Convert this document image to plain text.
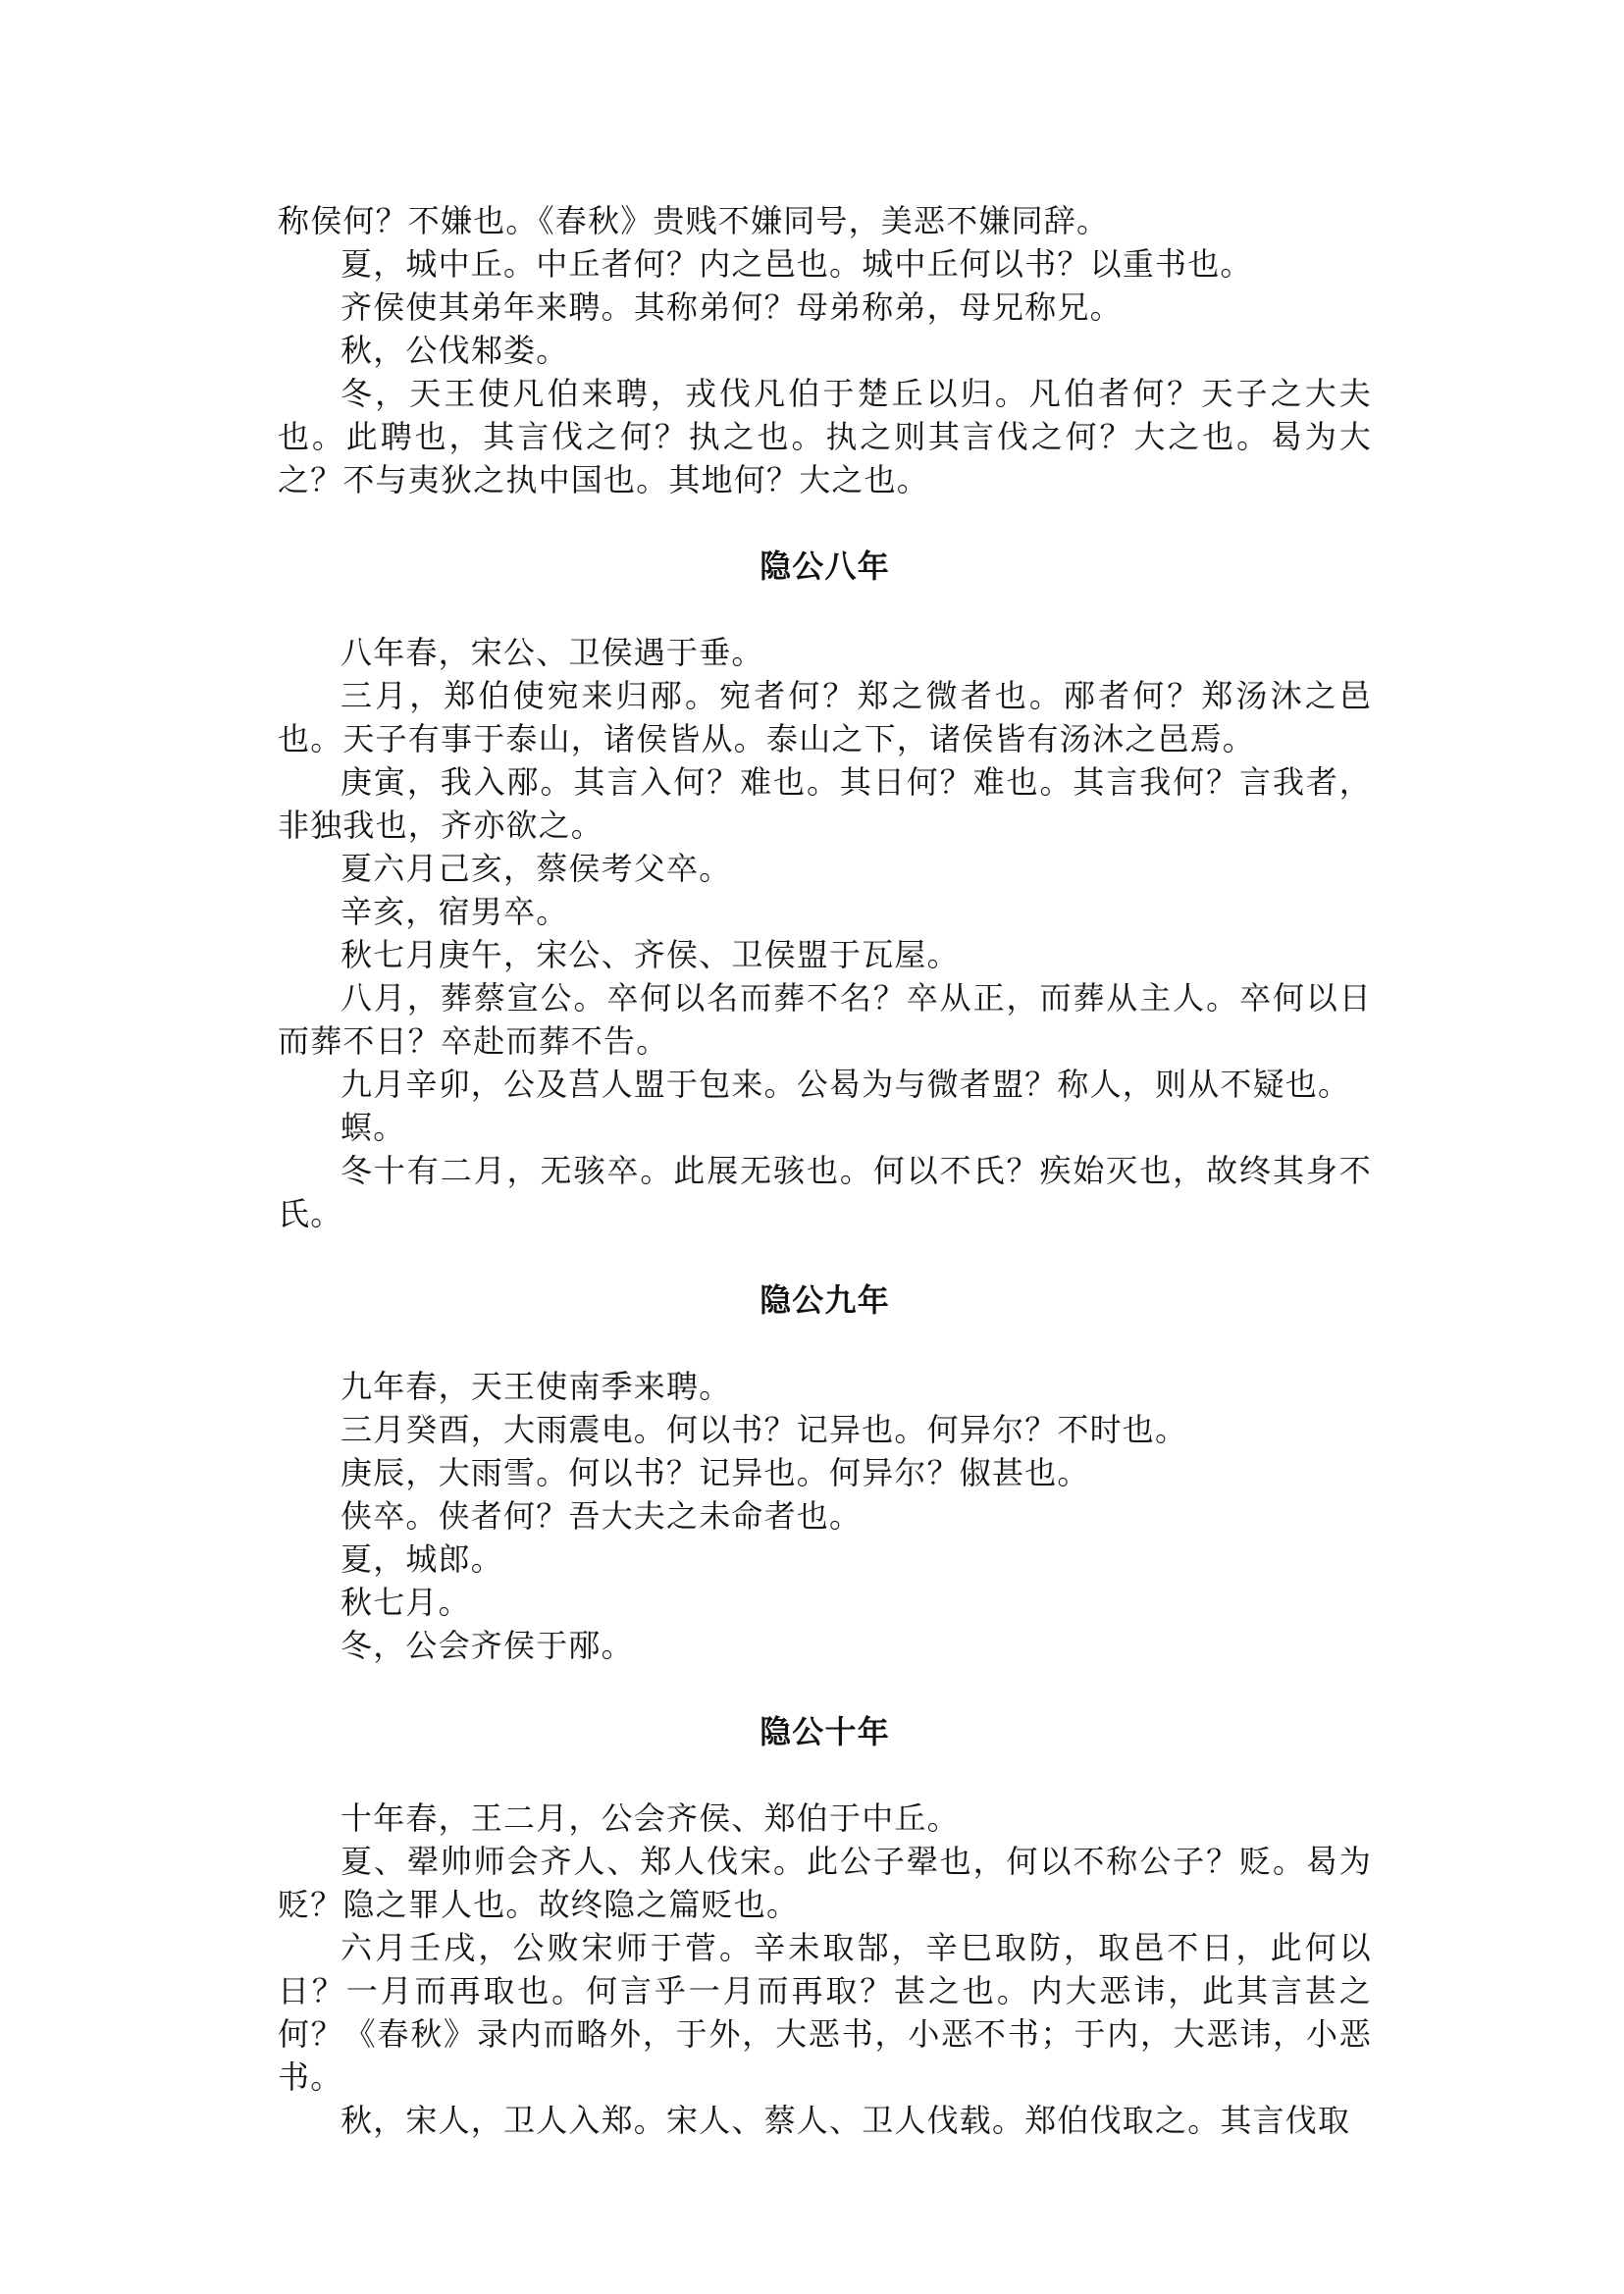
称侯何？不嫌也。《春秋》贵贱不嫌同号，美恶不嫌同辞。

夏，城中丘。中丘者何？内之邑也。城中丘何以书？以重书也。

齐侯使其弟年来聘。其称弟何？母弟称弟，母兄称兄。

秋，公伐邾娄。

冬，天王使凡伯来聘，戎伐凡伯于楚丘以归。凡伯者何？天子之大夫也。此聘也，其言伐之何？执之也。执之则其言伐之何？大之也。曷为大之？不与夷狄之执中国也。其地何？大之也。

隐公八年

八年春，宋公、卫侯遇于垂。

三月，郑伯使宛来归邴。宛者何？郑之微者也。邴者何？郑汤沐之邑也。天子有事于泰山，诸侯皆从。泰山之下，诸侯皆有汤沐之邑焉。

庚寅，我入邴。其言入何？难也。其日何？难也。其言我何？言我者，非独我也，齐亦欲之。

夏六月己亥，蔡侯考父卒。

辛亥，宿男卒。

秋七月庚午，宋公、齐侯、卫侯盟于瓦屋。

八月，葬蔡宣公。卒何以名而葬不名？卒从正，而葬从主人。卒何以日而葬不日？卒赴而葬不告。

九月辛卯，公及莒人盟于包来。公曷为与微者盟？称人，则从不疑也。

螟。

冬十有二月，无骇卒。此展无骇也。何以不氏？疾始灭也，故终其身不氏。

隐公九年

九年春，天王使南季来聘。

三月癸酉，大雨震电。何以书？记异也。何异尔？不时也。

庚辰，大雨雪。何以书？记异也。何异尔？俶甚也。

侠卒。侠者何？吾大夫之未命者也。

夏，城郎。

秋七月。

冬，公会齐侯于邴。

隐公十年

十年春，王二月，公会齐侯、郑伯于中丘。

夏、翚帅师会齐人、郑人伐宋。此公子翚也，何以不称公子？贬。曷为贬？隐之罪人也。故终隐之篇贬也。

六月壬戌，公败宋师于菅。辛未取郜，辛巳取防，取邑不日，此何以日？一月而再取也。何言乎一月而再取？甚之也。内大恶讳，此其言甚之何？《春秋》录内而略外，于外，大恶书，小恶不书；于内，大恶讳，小恶书。

秋，宋人，卫人入郑。宋人、蔡人、卫人伐载。郑伯伐取之。其言伐取
